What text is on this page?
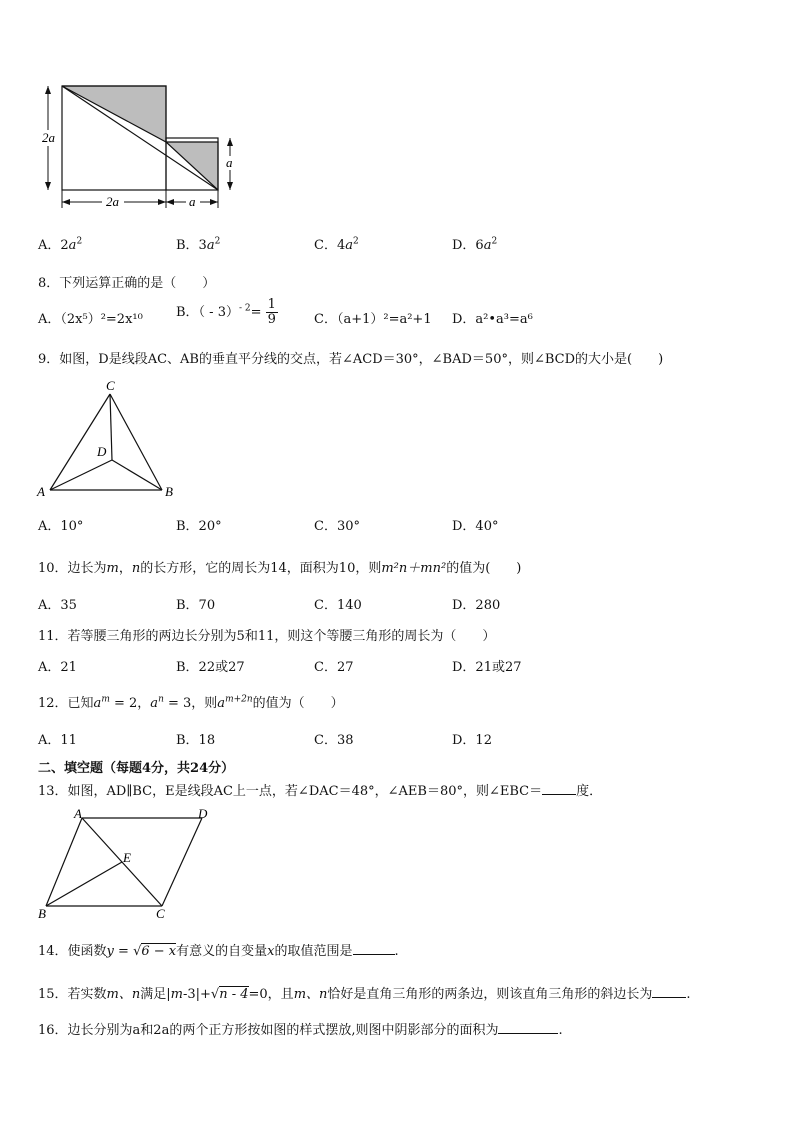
2a
a
2a	a
A．$2a^2$	B．$3a^2$	C．$4a^2$	D．$6a^2$
8．下列运算正确的是（　　）
A．（2x⁵）²=2x¹⁰	B．（ - $3)^{- 2}= \frac{1}{9}$	C．（a+1）²=a²+1 D．a²•a³=a⁶
9．如图，D是线段AC、AB的垂直平分线的交点，若∠ACD＝30°，∠BAD＝50°，则∠BCD的大小是(　　)
C
D
A	B
A．10°	B．20°	C．30°	D．40°
10．边长为m，n的长方形，它的周长为14，面积为10，则m²n＋mn²的值为(　　)
A．35	B．70	C．140	D．280
11．若等腰三角形的两边长分别为5和11，则这个等腰三角形的周长为（　　）
A．21	B．22或27	C．27	D．21或27
12．已知$a^m = 2$，$a^n = 3$，则$a^{m+2n}$的值为（　　）
A．11	B．18	C．38	D．12
二、填空题（每题4分，共24分）
13．如图，AD∥BC，E是线段AC上一点，若∠DAC＝48°，∠AEB＝80°，则∠EBC＝	度．
A	D
E
B	C
14．使函数y = √6 − x有意义的自变量x的取值范围是	.
15．若实数m、n满足|m-3|+√n - 4=0，且m、n恰好是直角三角形的两条边，则该直角三角形的斜边长为	.
16．边长分别为a和2a的两个正方形按如图的样式摆放,则图中阴影部分的面积为	.
